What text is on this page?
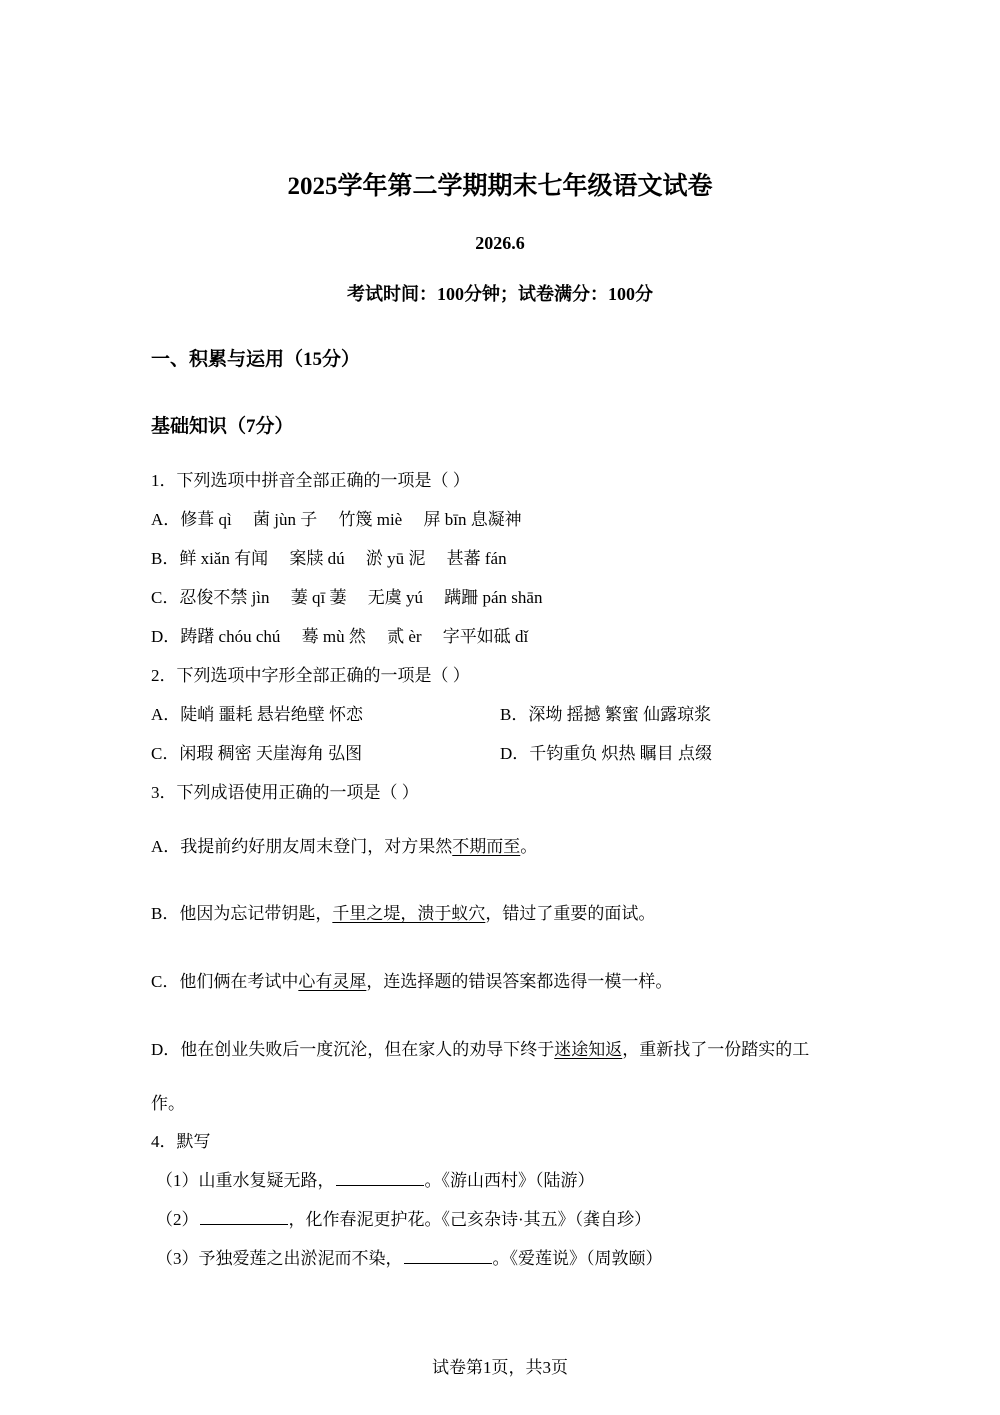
2025学年第二学期期末七年级语文试卷
2026.6
考试时间：100分钟；试卷满分：100分
一、积累与运用（15分）
基础知识（7分）
1．下列选项中拼音全部正确的一项是（ ）
A．修葺 qì　 菌 jùn 子　 竹篾 miè　 屏 bīn 息凝神
B．鲜 xiǎn 有闻　 案牍 dú　 淤 yū 泥　 甚蕃 fán
C．忍俊不禁 jìn　 萋 qī 萋　 无虞 yú　 蹒跚 pán shān
D．踌躇 chóu chú　 蓦 mù 然　 贰 èr　 字平如砥 dǐ
2．下列选项中字形全部正确的一项是（ ）
A．陡峭 噩耗 悬岩绝壁 怀恋	B．深坳 摇撼 繁蜜 仙露琼浆
C．闲瑕 稠密 天崖海角 弘图	D．千钧重负 炽热 瞩目 点缀
3．下列成语使用正确的一项是（ ）
A．我提前约好朋友周末登门，对方果然不期而至。
B．他因为忘记带钥匙，千里之堤，溃于蚁穴，错过了重要的面试。
C．他们俩在考试中心有灵犀，连选择题的错误答案都选得一模一样。
D．他在创业失败后一度沉沦，但在家人的劝导下终于迷途知返，重新找了一份踏实的工
作。
4．默写
（1）山重水复疑无路，	。《游山西村》（陆游）
（2）	，化作春泥更护花。《己亥杂诗·其五》（龚自珍）
（3）予独爱莲之出淤泥而不染，	。《爱莲说》（周敦颐）
试卷第1页，共3页
